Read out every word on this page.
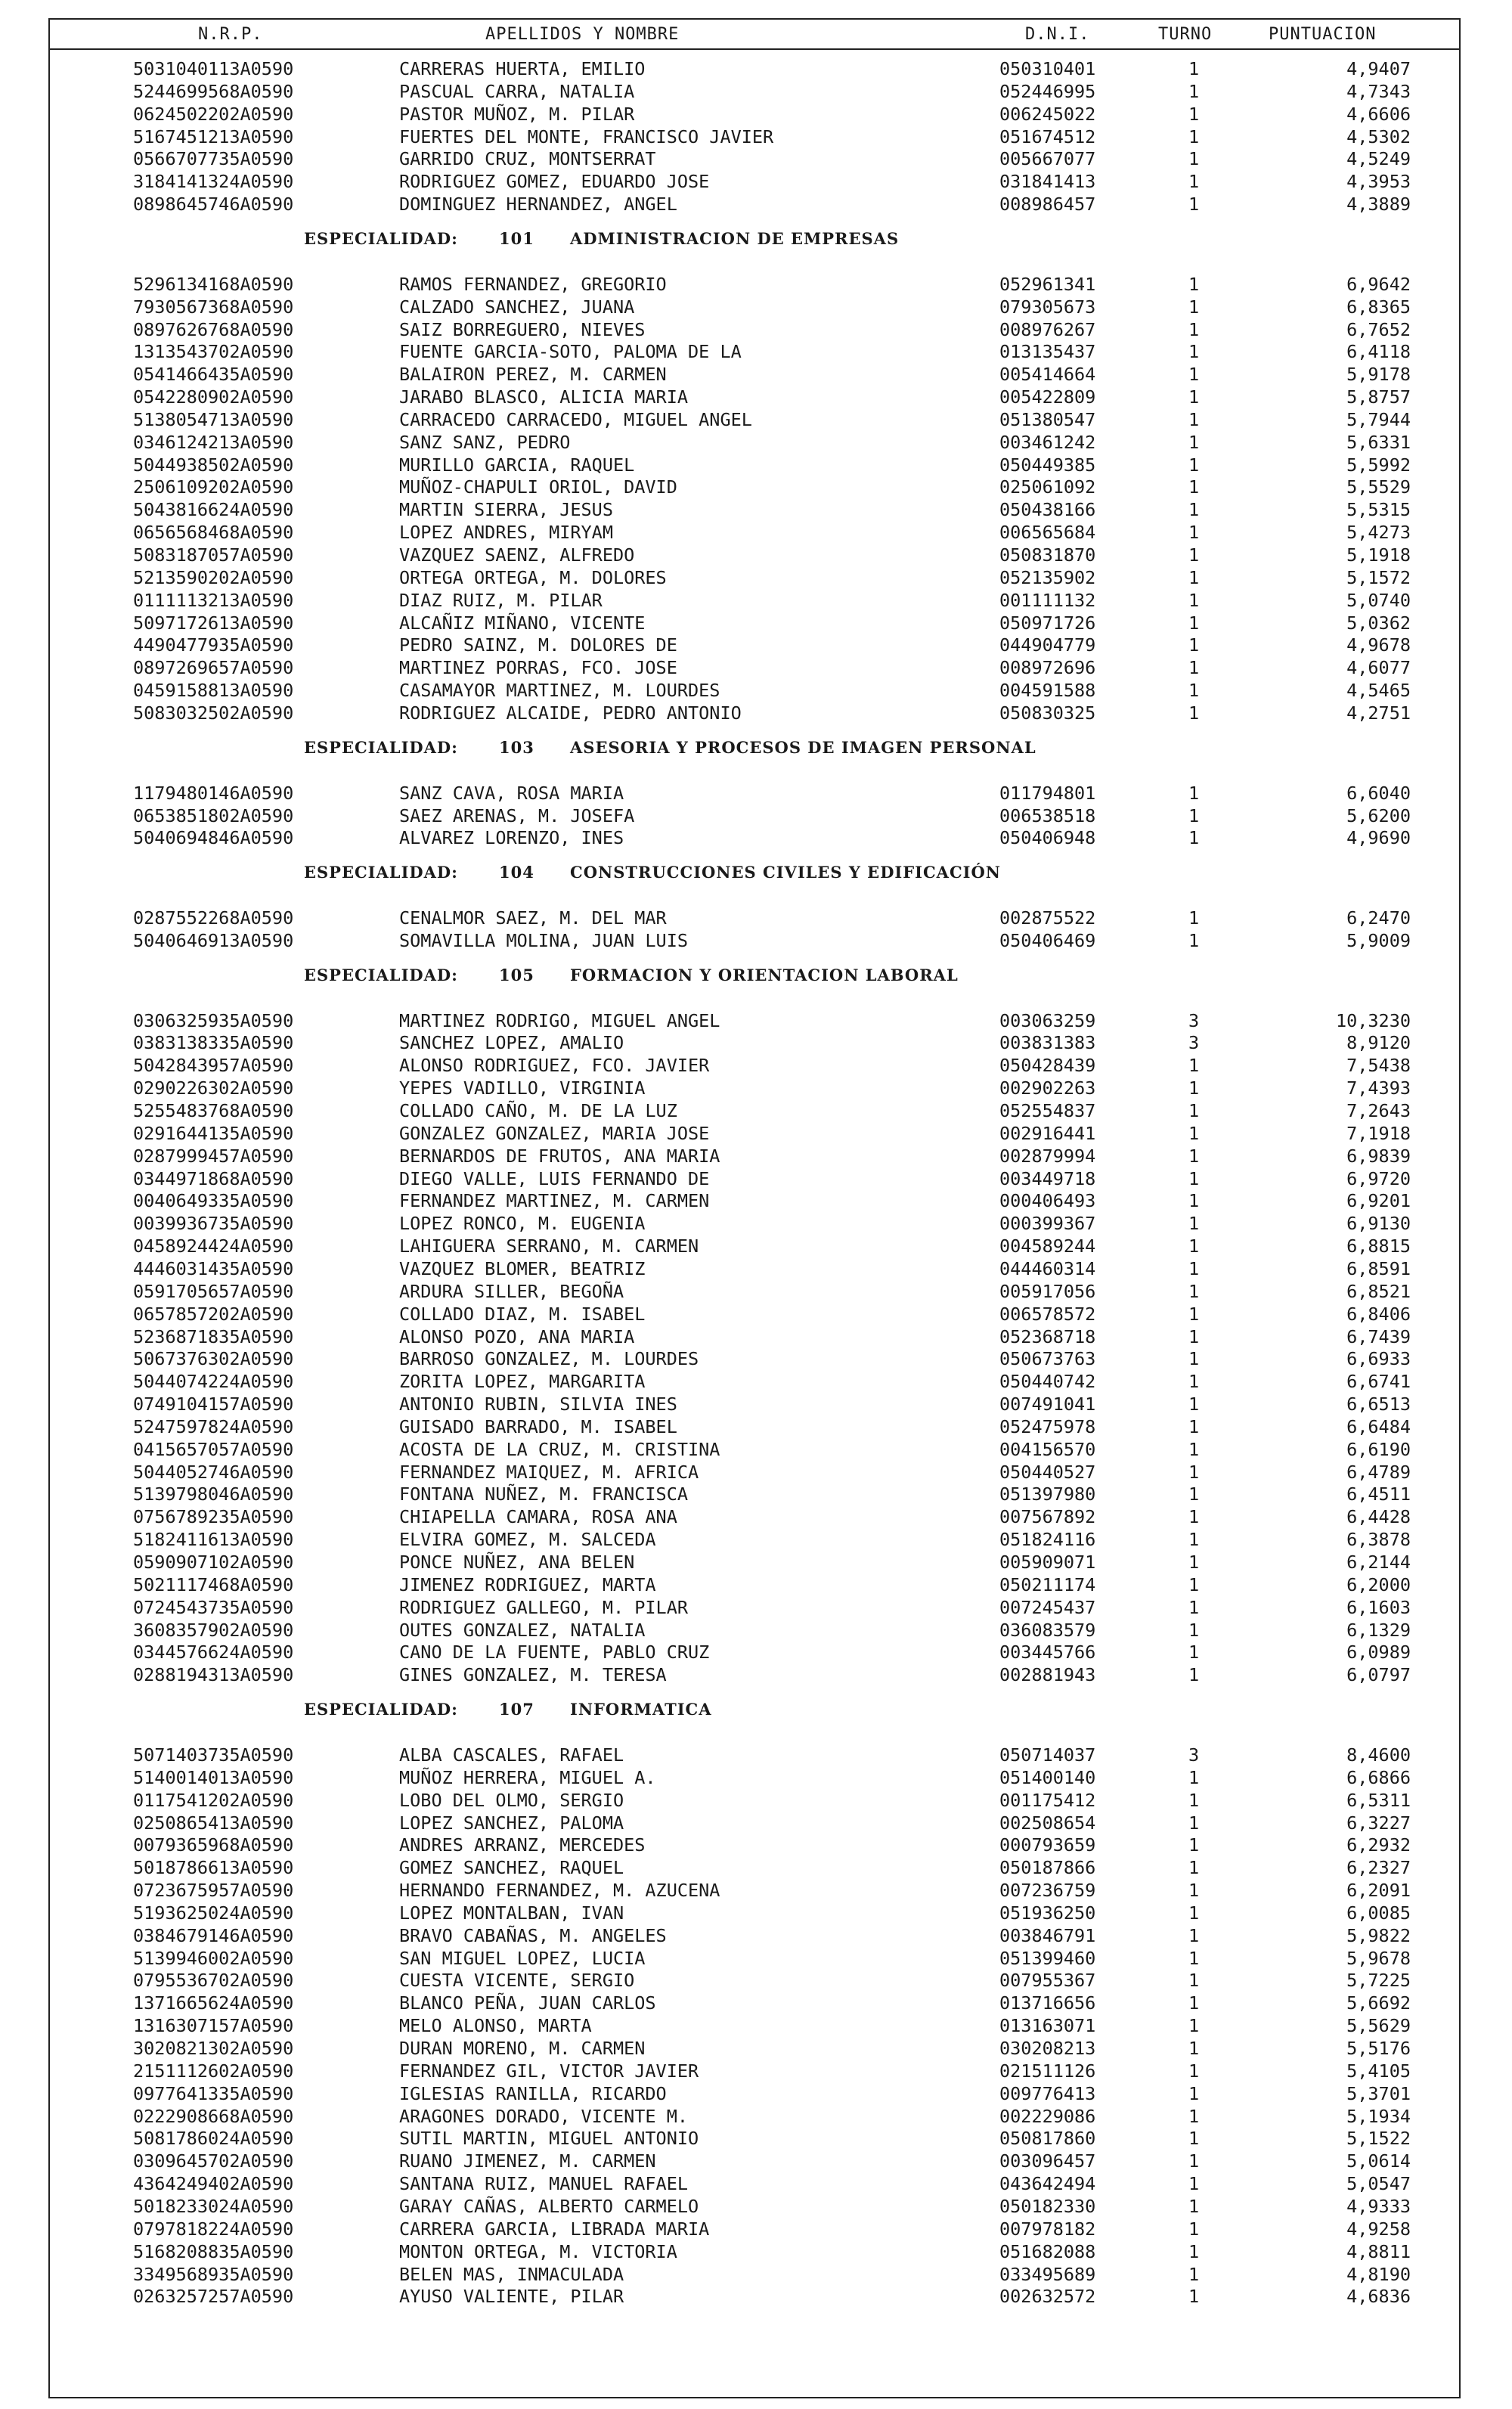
N.R.P.	APELLIDOS Y NOMBRE	D.N.I.	TURNO	PUNTUACION
5031040113A0590	CARRERAS HUERTA, EMILIO	050310401	1	4,9407
5244699568A0590	PASCUAL CARRA, NATALIA	052446995	1	4,7343
0624502202A0590	PASTOR MUÑOZ, M. PILAR	006245022	1	4,6606
5167451213A0590	FUERTES DEL MONTE, FRANCISCO JAVIER	051674512	1	4,5302
0566707735A0590	GARRIDO CRUZ, MONTSERRAT	005667077	1	4,5249
3184141324A0590	RODRIGUEZ GOMEZ, EDUARDO JOSE	031841413	1	4,3953
0898645746A0590	DOMINGUEZ HERNANDEZ, ANGEL	008986457	1	4,3889
ESPECIALIDAD:	101 ADMINISTRACION DE EMPRESAS
5296134168A0590	RAMOS FERNANDEZ, GREGORIO	052961341	1	6,9642
7930567368A0590	CALZADO SANCHEZ, JUANA	079305673	1	6,8365
0897626768A0590	SAIZ BORREGUERO, NIEVES	008976267	1	6,7652
1313543702A0590	FUENTE GARCIA-SOTO, PALOMA DE LA	013135437	1	6,4118
0541466435A0590	BALAIRON PEREZ, M. CARMEN	005414664	1	5,9178
0542280902A0590	JARABO BLASCO, ALICIA MARIA	005422809	1	5,8757
5138054713A0590	CARRACEDO CARRACEDO, MIGUEL ANGEL	051380547	1	5,7944
0346124213A0590	SANZ SANZ, PEDRO	003461242	1	5,6331
5044938502A0590	MURILLO GARCIA, RAQUEL	050449385	1	5,5992
2506109202A0590	MUÑOZ-CHAPULI ORIOL, DAVID	025061092	1	5,5529
5043816624A0590	MARTIN SIERRA, JESUS	050438166	1	5,5315
0656568468A0590	LOPEZ ANDRES, MIRYAM	006565684	1	5,4273
5083187057A0590	VAZQUEZ SAENZ, ALFREDO	050831870	1	5,1918
5213590202A0590	ORTEGA ORTEGA, M. DOLORES	052135902	1	5,1572
0111113213A0590	DIAZ RUIZ, M. PILAR	001111132	1	5,0740
5097172613A0590	ALCAÑIZ MIÑANO, VICENTE	050971726	1	5,0362
4490477935A0590	PEDRO SAINZ, M. DOLORES DE	044904779	1	4,9678
0897269657A0590	MARTINEZ PORRAS, FCO. JOSE	008972696	1	4,6077
0459158813A0590	CASAMAYOR MARTINEZ, M. LOURDES	004591588	1	4,5465
5083032502A0590	RODRIGUEZ ALCAIDE, PEDRO ANTONIO	050830325	1	4,2751
ESPECIALIDAD:	103 ASESORIA Y PROCESOS DE IMAGEN PERSONAL
1179480146A0590	SANZ CAVA, ROSA MARIA	011794801	1	6,6040
0653851802A0590	SAEZ ARENAS, M. JOSEFA	006538518	1	5,6200
5040694846A0590	ALVAREZ LORENZO, INES	050406948	1	4,9690
ESPECIALIDAD:	104 CONSTRUCCIONES CIVILES Y EDIFICACIÓN
0287552268A0590	CENALMOR SAEZ, M. DEL MAR	002875522	1	6,2470
5040646913A0590	SOMAVILLA MOLINA, JUAN LUIS	050406469	1	5,9009
ESPECIALIDAD:	105 FORMACION Y ORIENTACION LABORAL
0306325935A0590	MARTINEZ RODRIGO, MIGUEL ANGEL	003063259	3	10,3230
0383138335A0590	SANCHEZ LOPEZ, AMALIO	003831383	3	8,9120
5042843957A0590	ALONSO RODRIGUEZ, FCO. JAVIER	050428439	1	7,5438
0290226302A0590	YEPES VADILLO, VIRGINIA	002902263	1	7,4393
5255483768A0590	COLLADO CAÑO, M. DE LA LUZ	052554837	1	7,2643
0291644135A0590	GONZALEZ GONZALEZ, MARIA JOSE	002916441	1	7,1918
0287999457A0590	BERNARDOS DE FRUTOS, ANA MARIA	002879994	1	6,9839
0344971868A0590	DIEGO VALLE, LUIS FERNANDO DE	003449718	1	6,9720
0040649335A0590	FERNANDEZ MARTINEZ, M. CARMEN	000406493	1	6,9201
0039936735A0590	LOPEZ RONCO, M. EUGENIA	000399367	1	6,9130
0458924424A0590	LAHIGUERA SERRANO, M. CARMEN	004589244	1	6,8815
4446031435A0590	VAZQUEZ BLOMER, BEATRIZ	044460314	1	6,8591
0591705657A0590	ARDURA SILLER, BEGOÑA	005917056	1	6,8521
0657857202A0590	COLLADO DIAZ, M. ISABEL	006578572	1	6,8406
5236871835A0590	ALONSO POZO, ANA MARIA	052368718	1	6,7439
5067376302A0590	BARROSO GONZALEZ, M. LOURDES	050673763	1	6,6933
5044074224A0590	ZORITA LOPEZ, MARGARITA	050440742	1	6,6741
0749104157A0590	ANTONIO RUBIN, SILVIA INES	007491041	1	6,6513
5247597824A0590	GUISADO BARRADO, M. ISABEL	052475978	1	6,6484
0415657057A0590	ACOSTA DE LA CRUZ, M. CRISTINA	004156570	1	6,6190
5044052746A0590	FERNANDEZ MAIQUEZ, M. AFRICA	050440527	1	6,4789
5139798046A0590	FONTANA NUÑEZ, M. FRANCISCA	051397980	1	6,4511
0756789235A0590	CHIAPELLA CAMARA, ROSA ANA	007567892	1	6,4428
5182411613A0590	ELVIRA GOMEZ, M. SALCEDA	051824116	1	6,3878
0590907102A0590	PONCE NUÑEZ, ANA BELEN	005909071	1	6,2144
5021117468A0590	JIMENEZ RODRIGUEZ, MARTA	050211174	1	6,2000
0724543735A0590	RODRIGUEZ GALLEGO, M. PILAR	007245437	1	6,1603
3608357902A0590	OUTES GONZALEZ, NATALIA	036083579	1	6,1329
0344576624A0590	CANO DE LA FUENTE, PABLO CRUZ	003445766	1	6,0989
0288194313A0590	GINES GONZALEZ, M. TERESA	002881943	1	6,0797
ESPECIALIDAD:	107 INFORMATICA
5071403735A0590	ALBA CASCALES, RAFAEL	050714037	3	8,4600
5140014013A0590	MUÑOZ HERRERA, MIGUEL A.	051400140	1	6,6866
0117541202A0590	LOBO DEL OLMO, SERGIO	001175412	1	6,5311
0250865413A0590	LOPEZ SANCHEZ, PALOMA	002508654	1	6,3227
0079365968A0590	ANDRES ARRANZ, MERCEDES	000793659	1	6,2932
5018786613A0590	GOMEZ SANCHEZ, RAQUEL	050187866	1	6,2327
0723675957A0590	HERNANDO FERNANDEZ, M. AZUCENA	007236759	1	6,2091
5193625024A0590	LOPEZ MONTALBAN, IVAN	051936250	1	6,0085
0384679146A0590	BRAVO CABAÑAS, M. ANGELES	003846791	1	5,9822
5139946002A0590	SAN MIGUEL LOPEZ, LUCIA	051399460	1	5,9678
0795536702A0590	CUESTA VICENTE, SERGIO	007955367	1	5,7225
1371665624A0590	BLANCO PEÑA, JUAN CARLOS	013716656	1	5,6692
1316307157A0590	MELO ALONSO, MARTA	013163071	1	5,5629
3020821302A0590	DURAN MORENO, M. CARMEN	030208213	1	5,5176
2151112602A0590	FERNANDEZ GIL, VICTOR JAVIER	021511126	1	5,4105
0977641335A0590	IGLESIAS RANILLA, RICARDO	009776413	1	5,3701
0222908668A0590	ARAGONES DORADO, VICENTE M.	002229086	1	5,1934
5081786024A0590	SUTIL MARTIN, MIGUEL ANTONIO	050817860	1	5,1522
0309645702A0590	RUANO JIMENEZ, M. CARMEN	003096457	1	5,0614
4364249402A0590	SANTANA RUIZ, MANUEL RAFAEL	043642494	1	5,0547
5018233024A0590	GARAY CAÑAS, ALBERTO CARMELO	050182330	1	4,9333
0797818224A0590	CARRERA GARCIA, LIBRADA MARIA	007978182	1	4,9258
5168208835A0590	MONTON ORTEGA, M. VICTORIA	051682088	1	4,8811
3349568935A0590	BELEN MAS, INMACULADA	033495689	1	4,8190
0263257257A0590	AYUSO VALIENTE, PILAR	002632572	1	4,6836
